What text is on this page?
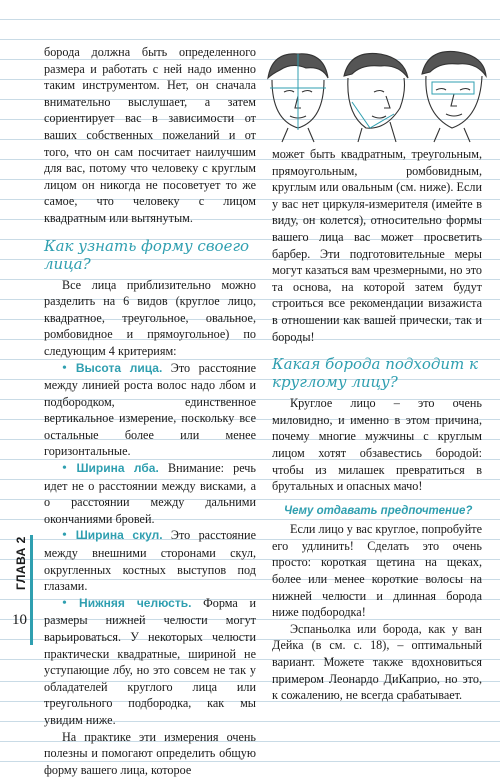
борода должна быть определенного размера и работать с ней надо именно таким инструментом. Нет, он сначала внимательно выслушает, а затем сориентирует вас в зависимости от ваших собственных пожеланий и от того, что он сам посчитает наилучшим для вас, потому что человеку с круглым лицом он никогда не посоветует то же самое, что человеку с лицом квадратным или вытянутым.

Как узнать форму своего лица?

Все лица приблизительно можно разделить на 6 видов (круглое лицо, квадратное, треугольное, овальное, ромбовидное и прямоугольное) по следующим 4 критериям:

• Высота лица. Это расстояние между линией роста волос надо лбом и подбородком, единственное вертикальное измерение, поскольку все остальные более или менее горизонтальные.

• Ширина лба. Внимание: речь идет не о расстоянии между висками, а о расстоянии между дальними окончаниями бровей.

• Ширина скул. Это расстояние между внешними сторонами скул, округленных костных выступов под глазами.

• Нижняя челюсть. Форма и размеры нижней челюсти могут варьироваться. У некоторых челюсти практически квадратные, шириной не уступающие лбу, но это совсем не так у обладателей круглого лица или треугольного подбородка, как мы увидим ниже.

На практике эти измерения очень полезны и помогают определить общую форму вашего лица, которое

может быть квадратным, треугольным, прямоугольным, ромбовидным, круглым или овальным (см. ниже). Если у вас нет циркуля-измерителя (имейте в виду, он колется), относительно формы вашего лица вас может просветить барбер. Эти подготовительные меры могут казаться вам чрезмерными, но это та основа, на которой затем будут строиться все рекомендации визажиста в отношении как вашей прически, так и бороды!

Какая борода подходит к круглому лицу?

Круглое лицо – это очень миловидно, и именно в этом причина, почему многие мужчины с круглым лицом хотят обзавестись бородой: чтобы из милашек превратиться в брутальных и опасных мачо!

Чему отдавать предпочтение?

Если лицо у вас круглое, попробуйте его удлинить! Сделать это очень просто: короткая щетина на щеках, более или менее короткие волосы на нижней челюсти и длинная борода ниже подбородка!

Эспаньолка или борода, как у ван Дейка (в см. с. 18), – оптимальный вариант. Можете также вдохновиться примером Леонардо ДиКаприо, но это, к сожалению, не всегда срабатывает.

ГЛАВА 2
10
